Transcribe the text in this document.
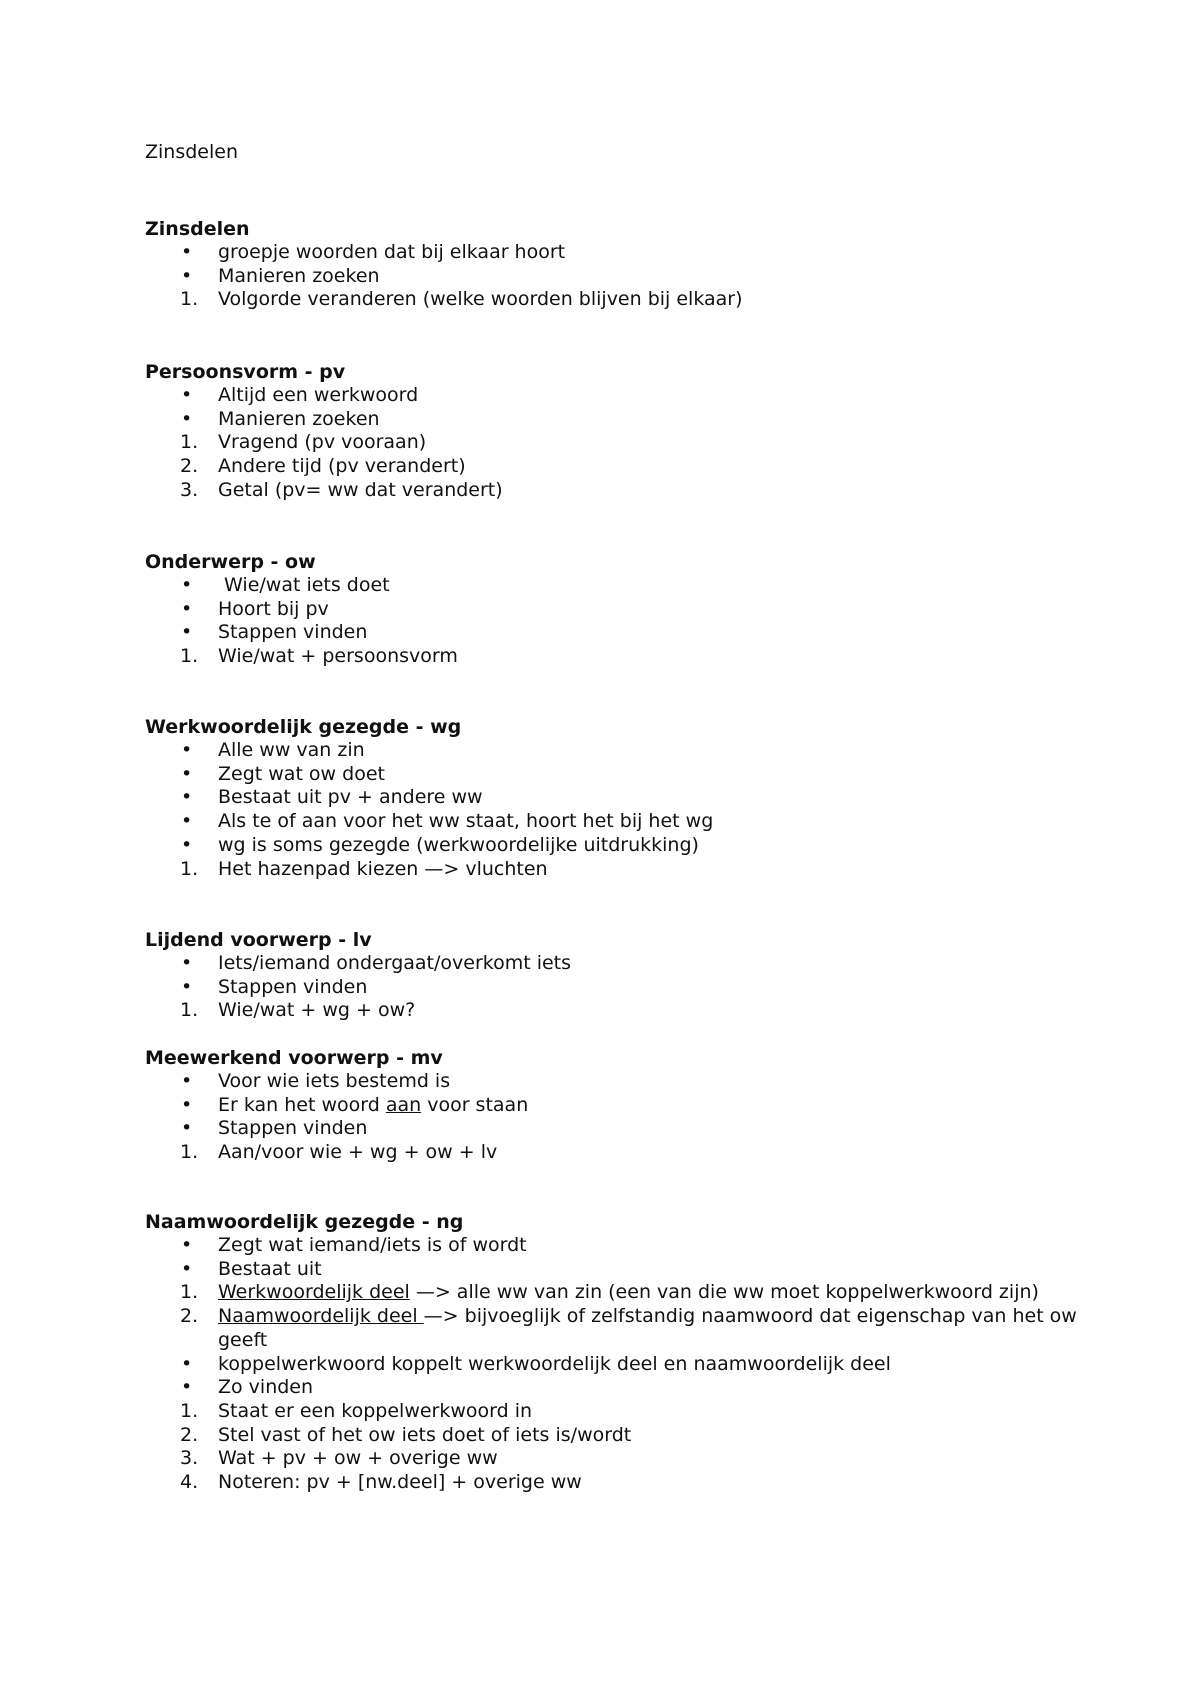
Zinsdelen
Zinsdelen
•	groepje woorden dat bij elkaar hoort
•	Manieren zoeken
1.	Volgorde veranderen (welke woorden blijven bij elkaar)
Persoonsvorm - pv
•	Altijd een werkwoord
•	Manieren zoeken
1.	Vragend (pv vooraan)
2.	Andere tijd (pv verandert)
3.	Getal (pv= ww dat verandert)
Onderwerp - ow
•	Wie/wat iets doet
•	Hoort bij pv
•	Stappen vinden
1.	Wie/wat + persoonsvorm
Werkwoordelijk gezegde - wg
•	Alle ww van zin
•	Zegt wat ow doet
•	Bestaat uit pv + andere ww
•	Als te of aan voor het ww staat, hoort het bij het wg
•	wg is soms gezegde (werkwoordelijke uitdrukking)
1.	Het hazenpad kiezen —> vluchten
Lijdend voorwerp - lv
•	Iets/iemand ondergaat/overkomt iets
•	Stappen vinden
1.	Wie/wat + wg + ow?
Meewerkend voorwerp - mv
•	Voor wie iets bestemd is
•	Er kan het woord aan voor staan
•	Stappen vinden
1.	Aan/voor wie + wg + ow + lv
Naamwoordelijk gezegde - ng
•	Zegt wat iemand/iets is of wordt
•	Bestaat uit
1.	Werkwoordelijk deel —> alle ww van zin (een van die ww moet koppelwerkwoord zijn)
2.	Naamwoordelijk deel —> bijvoeglijk of zelfstandig naamwoord dat eigenschap van het ow geeft
•	koppelwerkwoord koppelt werkwoordelijk deel en naamwoordelijk deel
•	Zo vinden
1.	Staat er een koppelwerkwoord in
2.	Stel vast of het ow iets doet of iets is/wordt
3.	Wat + pv + ow + overige ww
4.	Noteren: pv + [nw.deel] + overige ww
